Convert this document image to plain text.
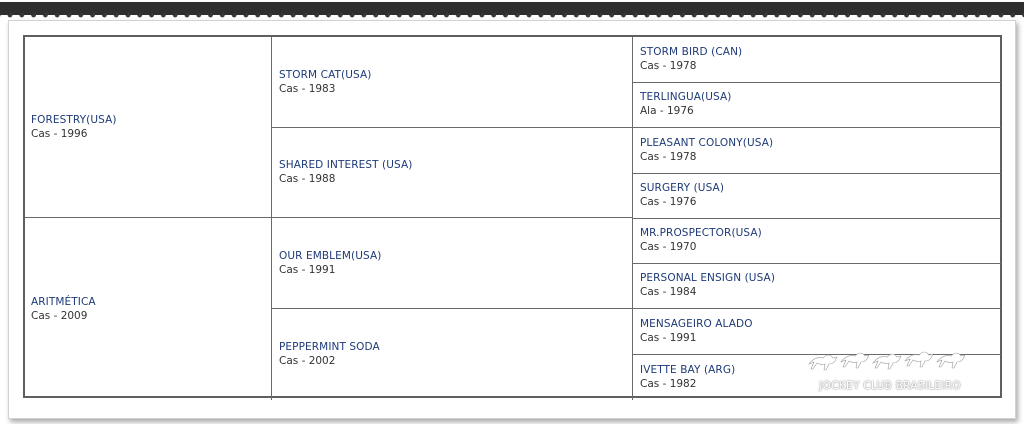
FORESTRY(USA)
Cas - 1996
ARITMÉTICA
Cas - 2009
STORM CAT(USA)
Cas - 1983
SHARED INTEREST (USA)
Cas - 1988
OUR EMBLEM(USA)
Cas - 1991
PEPPERMINT SODA
Cas - 2002
STORM BIRD (CAN)
Cas - 1978
TERLINGUA(USA)
Ala - 1976
PLEASANT COLONY(USA)
Cas - 1978
SURGERY (USA)
Cas - 1976
MR.PROSPECTOR(USA)
Cas - 1970
PERSONAL ENSIGN (USA)
Cas - 1984
MENSAGEIRO ALADO
Cas - 1991
IVETTE BAY (ARG)
Cas - 1982	JOCKEY CLUB BRASILEIRO
